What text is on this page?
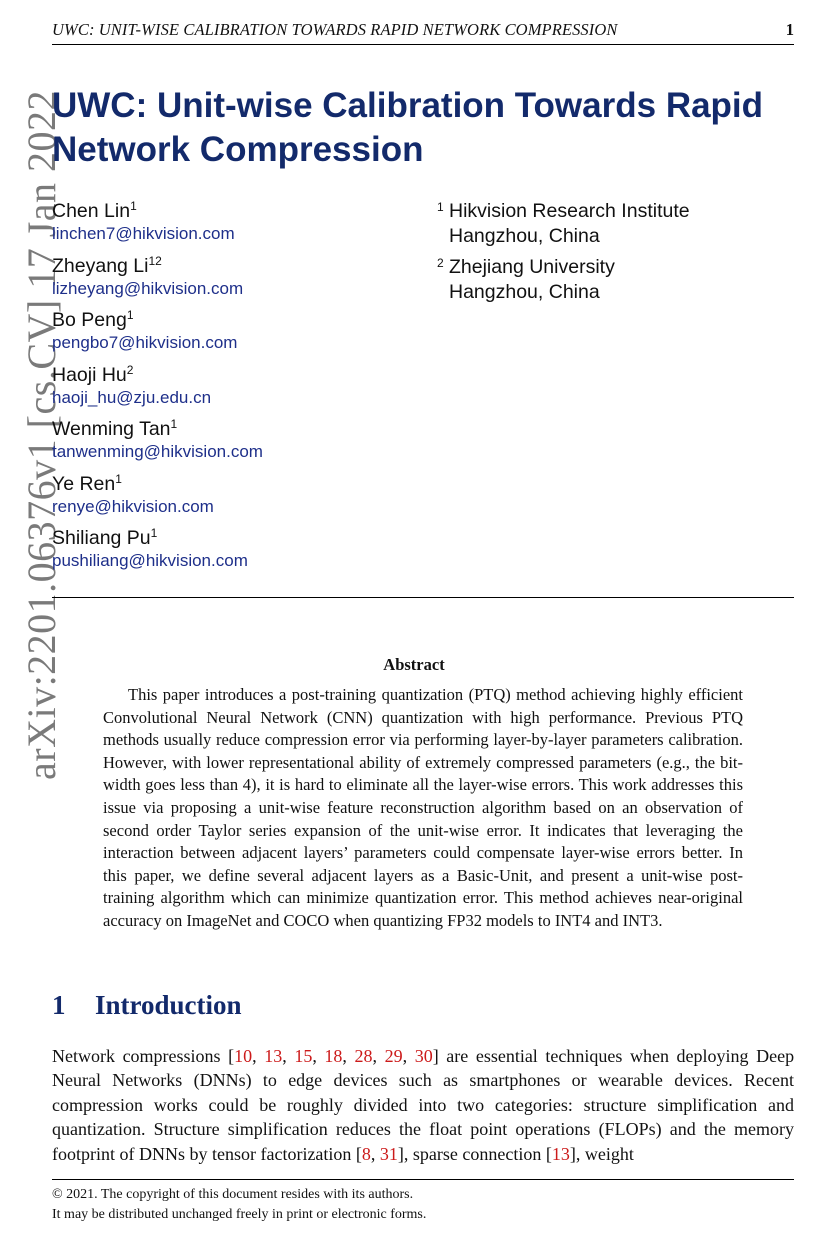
UWC: UNIT-WISE CALIBRATION TOWARDS RAPID NETWORK COMPRESSION	1
arXiv:2201.06376v1 [cs.CV] 17 Jan 2022
UWC: Unit-wise Calibration Towards Rapid
Network Compression
Chen Lin$^1$
linchen7@hikvision.com
Zheyang Li$^{12}$
lizheyang@hikvision.com
Bo Peng$^1$
pengbo7@hikvision.com
Haoji Hu$^2$
haoji_hu@zju.edu.cn
Wenming Tan$^1$
tanwenming@hikvision.com
Ye Ren$^1$
renye@hikvision.com
Shiliang Pu$^1$
pushiliang@hikvision.com
1 Hikvision Research Institute
Hangzhou, China
2 Zhejiang University
Hangzhou, China
Abstract

This paper introduces a post-training quantization (PTQ) method achieving highly efficient Convolutional Neural Network (CNN) quantization with high performance. Previous PTQ methods usually reduce compression error via performing layer-by-layer parameters calibration. However, with lower representational ability of extremely compressed parameters (e.g., the bit-width goes less than 4), it is hard to eliminate all the layer-wise errors. This work addresses this issue via proposing a unit-wise feature reconstruction algorithm based on an observation of second order Taylor series expansion of the unit-wise error. It indicates that leveraging the interaction between adjacent layers’ parameters could compensate layer-wise errors better. In this paper, we define several adjacent layers as a Basic-Unit, and present a unit-wise post-training algorithm which can minimize quantization error. This method achieves near-original accuracy on ImageNet and COCO when quantizing FP32 models to INT4 and INT3.

1 Introduction

Network compressions [10, 13, 15, 18, 28, 29, 30] are essential techniques when deploying Deep Neural Networks (DNNs) to edge devices such as smartphones or wearable devices. Recent compression works could be roughly divided into two categories: structure simplification and quantization. Structure simplification reduces the float point operations (FLOPs) and the memory footprint of DNNs by tensor factorization [8, 31], sparse connection [13], weight

© 2021. The copyright of this document resides with its authors.
It may be distributed unchanged freely in print or electronic forms.
